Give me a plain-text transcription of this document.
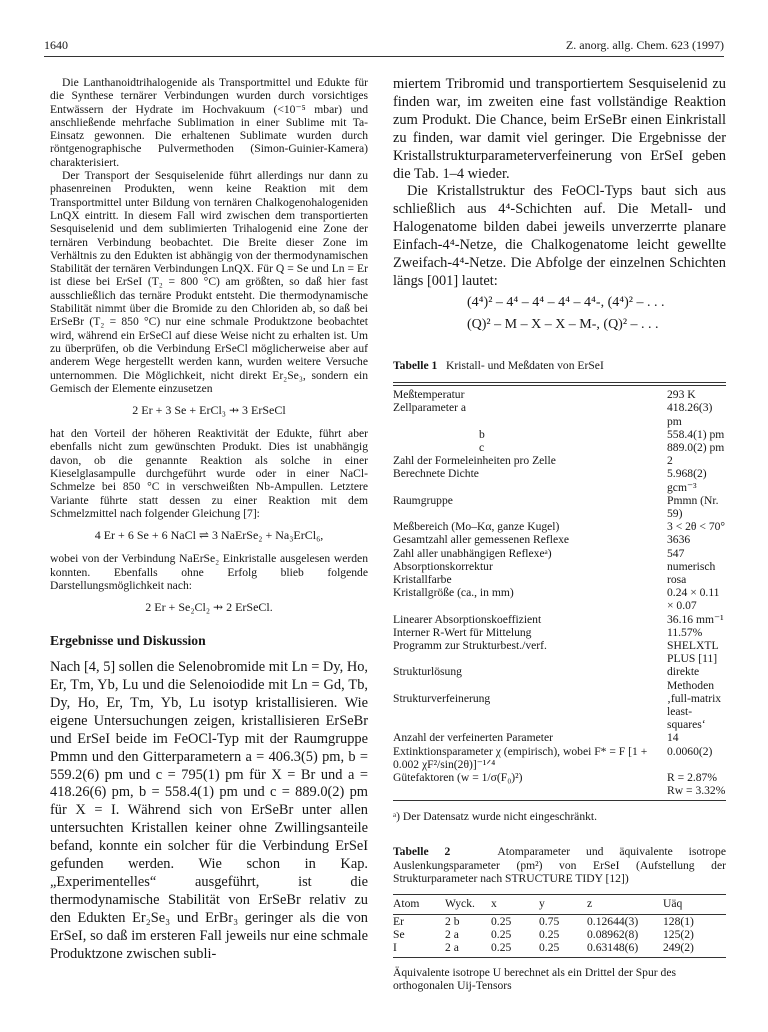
1640	Z. anorg. allg. Chem. 623 (1997)

Die Lanthanoidtrihalogenide als Transportmittel und Edukte für die Synthese ternärer Verbindungen wurden durch vorsichtiges Entwässern der Hydrate im Hochvakuum (<10⁻⁵ mbar) und anschließende mehrfache Sublimation in einer Sublime mit Ta-Einsatz gewonnen. Die erhaltenen Sublimate wurden durch röntgenographische Pulvermethoden (Simon-Guinier-Kamera) charakterisiert.

Der Transport der Sesquiselenide führt allerdings nur dann zu phasenreinen Produkten, wenn keine Reaktion mit dem Transportmittel unter Bildung von ternären Chalkogenohalogeniden LnQX eintritt. In diesem Fall wird zwischen dem transportierten Sesquiselenid und dem sublimierten Trihalogenid eine Zone der ternären Verbindung beobachtet. Die Breite dieser Zone im Verhältnis zu den Edukten ist abhängig von der thermodynamischen Stabilität der ternären Verbindungen LnQX. Für Q = Se und Ln = Er ist diese bei ErSeI (T₂ = 800 °C) am größten, so daß hier fast ausschließlich das ternäre Produkt entsteht. Die thermodynamische Stabilität nimmt über die Bromide zu den Chloriden ab, so daß bei ErSeBr (T₂ = 850 °C) nur eine schmale Produktzone beobachtet wird, während ein ErSeCl auf diese Weise nicht zu erhalten ist. Um zu überprüfen, ob die Verbindung ErSeCl möglicherweise aber auf anderem Wege hergestellt werden kann, wurden weitere Versuche unternommen. Die Möglichkeit, nicht direkt Er₂Se₃, sondern ein Gemisch der Elemente einzusetzen

2 Er + 3 Se + ErCl₃ ⇸ 3 ErSeCl

hat den Vorteil der höheren Reaktivität der Edukte, führt aber ebenfalls nicht zum gewünschten Produkt. Dies ist unabhängig davon, ob die genannte Reaktion als solche in einer Kieselglasampulle durchgeführt wurde oder in einer NaCl-Schmelze bei 850 °C in verschweißten Nb-Ampullen. Letztere Variante führte statt dessen zu einer Reaktion mit dem Schmelzmittel nach folgender Gleichung [7]:

4 Er + 6 Se + 6 NaCl ⇌ 3 NaErSe₂ + Na₃ErCl₆,

wobei von der Verbindung NaErSe₂ Einkristalle ausgelesen werden konnten. Ebenfalls ohne Erfolg blieb folgende Darstellungsmöglichkeit nach:

2 Er + Se₂Cl₂ ⇸ 2 ErSeCl.
Ergebnisse und Diskussion

Nach [4, 5] sollen die Selenobromide mit Ln = Dy, Ho, Er, Tm, Yb, Lu und die Selenoiodide mit Ln = Gd, Tb, Dy, Ho, Er, Tm, Yb, Lu isotyp kristallisieren. Wie eigene Untersuchungen zeigen, kristallisieren ErSeBr und ErSeI beide im FeOCl-Typ mit der Raumgruppe Pmmn und den Gitterparametern a = 406.3(5) pm, b = 559.2(6) pm und c = 795(1) pm für X = Br und a = 418.26(6) pm, b = 558.4(1) pm und c = 889.0(2) pm für X = I. Während sich von ErSeBr unter allen untersuchten Kristallen keiner ohne Zwillingsanteile befand, konnte ein solcher für die Verbindung ErSeI gefunden werden. Wie schon in Kap. „Experimentelles“ ausgeführt, ist die thermodynamische Stabilität von ErSeBr relativ zu den Edukten Er₂Se₃ und ErBr₃ geringer als die von ErSeI, so daß im ersteren Fall jeweils nur eine schmale Produktzone zwischen subli-

miertem Tribromid und transportiertem Sesquiselenid zu finden war, im zweiten eine fast vollständige Reaktion zum Produkt. Die Chance, beim ErSeBr einen Einkristall zu finden, war damit viel geringer. Die Ergebnisse der Kristallstrukturparameterverfeinerung von ErSeI geben die Tab. 1–4 wieder.

Die Kristallstruktur des FeOCl-Typs baut sich aus schließlich aus 4⁴-Schichten auf. Die Metall- und Halogenatome bilden dabei jeweils unverzerrte planare Einfach-4⁴-Netze, die Chalkogenatome leicht gewellte Zweifach-4⁴-Netze. Die Abfolge der einzelnen Schichten längs [001] lautet:

(4⁴)² – 4⁴ – 4⁴ – 4⁴ – 4⁴-, (4⁴)² – . . .
(Q)² – M – X – X – M-, (Q)² – . . .
Tabelle 1 Kristall- und Meßdaten von ErSeI
Meßtemperatur	293 K
Zellparameter a	418.26(3) pm
b	558.4(1) pm
c	889.0(2) pm
Zahl der Formeleinheiten pro Zelle	2
Berechnete Dichte	5.968(2) gcm⁻³
Raumgruppe	Pmmn (Nr. 59)
Meßbereich (Mo–Kα, ganze Kugel)	3 < 2θ < 70°
Gesamtzahl aller gemessenen Reflexe	3636
Zahl aller unabhängigen Reflexeᵃ)	547
Absorptionskorrektur	numerisch
Kristallfarbe	rosa
Kristallgröße (ca., in mm)	0.24 × 0.11 × 0.07
Linearer Absorptionskoeffizient	36.16 mm⁻¹
Interner R-Wert für Mittelung	11.57%
Programm zur Strukturbest./verf.	SHELXTL PLUS [11]
Strukturlösung	direkte Methoden
Strukturverfeinerung	‚full-matrix least-squares‘
Anzahl der verfeinerten Parameter	14
Extinktionsparameter χ (empirisch), wobei F* = F [1 + 0.002 χF²/sin(2θ)]⁻¹ᐟ⁴	0.0060(2)
Gütefaktoren (w = 1/σ(F₀)²)	R = 2.87%
	Rw = 3.32%
ᵃ) Der Datensatz wurde nicht eingeschränkt.
Tabelle 2	Atomparameter und äquivalente isotrope Auslenkungsparameter (pm²) von ErSeI (Aufstellung der Strukturparameter nach STRUCTURE TIDY [12])
Atom	Wyck.	x	y	z	Uäq
Er	2 b	0.25	0.75	0.12644(3)	128(1)
Se	2 a	0.25	0.25	0.08962(8)	125(2)
I	2 a	0.25	0.25	0.63148(6)	249(2)
Äquivalente isotrope U berechnet als ein Drittel der Spur des orthogonalen Uij-Tensors
